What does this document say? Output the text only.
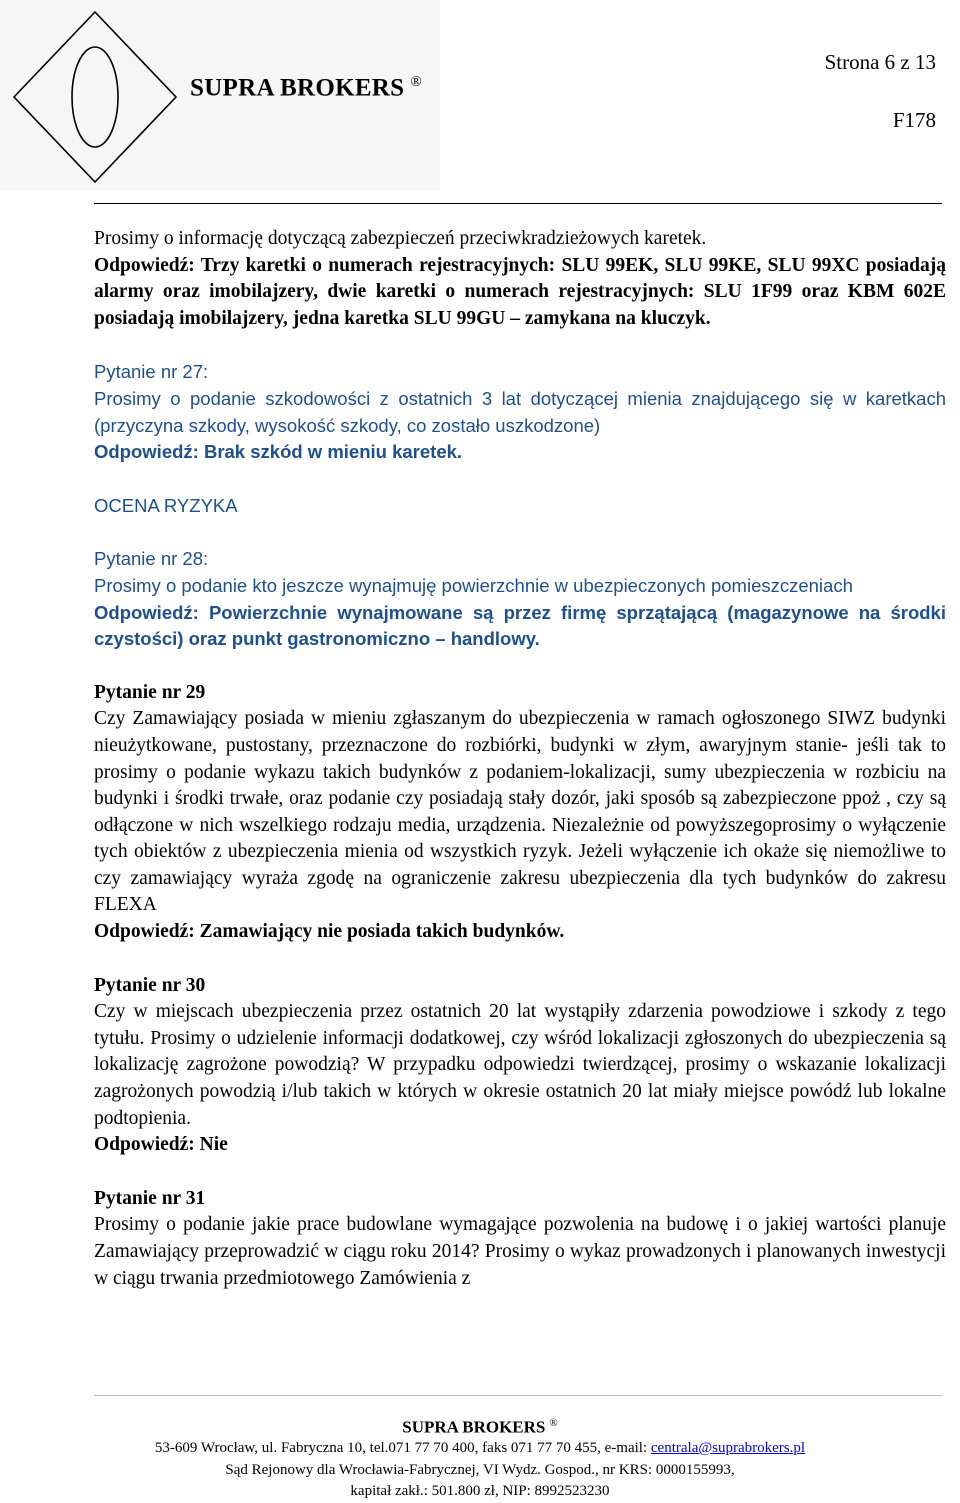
SUPRA BROKERS ®
Strona 6 z 13
F178

Prosimy o informację dotyczącą zabezpieczeń przeciwkradzieżowych karetek.

Odpowiedź: Trzy karetki o numerach rejestracyjnych: SLU 99EK, SLU 99KE, SLU 99XC posiadają alarmy oraz imobilajzery, dwie karetki o numerach rejestracyjnych: SLU 1F99 oraz KBM 602E posiadają imobilajzery, jedna karetka SLU 99GU – zamykana na kluczyk.

Pytanie nr 27:

Prosimy o podanie szkodowości z ostatnich 3 lat dotyczącej mienia znajdującego się w karetkach (przyczyna szkody, wysokość szkody, co zostało uszkodzone)

Odpowiedź: Brak szkód w mieniu karetek.

OCENA RYZYKA

Pytanie nr 28:

Prosimy o podanie kto jeszcze wynajmuję powierzchnie w ubezpieczonych pomieszczeniach

Odpowiedź: Powierzchnie wynajmowane są przez firmę sprzątającą (magazynowe na środki czystości) oraz punkt gastronomiczno – handlowy.

Pytanie nr 29

Czy Zamawiający posiada w mieniu zgłaszanym do ubezpieczenia w ramach ogłoszonego SIWZ budynki nieużytkowane, pustostany, przeznaczone do rozbiórki, budynki w złym, awaryjnym stanie- jeśli tak to prosimy o podanie wykazu takich budynków z podaniem-lokalizacji, sumy ubezpieczenia w rozbiciu na budynki i środki trwałe, oraz podanie czy posiadają stały dozór, jaki sposób są zabezpieczone ppoż , czy są odłączone w nich wszelkiego rodzaju media, urządzenia. Niezależnie od powyższegoprosimy o wyłączenie tych obiektów z ubezpieczenia mienia od wszystkich ryzyk. Jeżeli wyłączenie ich okaże się niemożliwe to czy zamawiający wyraża zgodę na ograniczenie zakresu ubezpieczenia dla tych budynków do zakresu FLEXA

Odpowiedź: Zamawiający nie posiada takich budynków.

Pytanie nr 30

Czy w miejscach ubezpieczenia przez ostatnich 20 lat wystąpiły zdarzenia powodziowe i szkody z tego tytułu. Prosimy o udzielenie informacji dodatkowej, czy wśród lokalizacji zgłoszonych do ubezpieczenia są lokalizację zagrożone powodzią? W przypadku odpowiedzi twierdzącej, prosimy o wskazanie lokalizacji zagrożonych powodzią i/lub takich w których w okresie ostatnich 20 lat miały miejsce powódź lub lokalne podtopienia.

Odpowiedź: Nie

Pytanie nr 31

Prosimy o podanie jakie prace budowlane wymagające pozwolenia na budowę i o jakiej wartości planuje Zamawiający przeprowadzić w ciągu roku 2014? Prosimy o wykaz prowadzonych i planowanych inwestycji w ciągu trwania przedmiotowego Zamówienia z

SUPRA BROKERS ®
53-609 Wrocław, ul. Fabryczna 10, tel.071 77 70 400, faks 071 77 70 455, e-mail: centrala@suprabrokers.pl
Sąd Rejonowy dla Wrocławia-Fabrycznej, VI Wydz. Gospod., nr KRS: 0000155993,
kapitał zakł.: 501.800 zł, NIP: 8992523230
